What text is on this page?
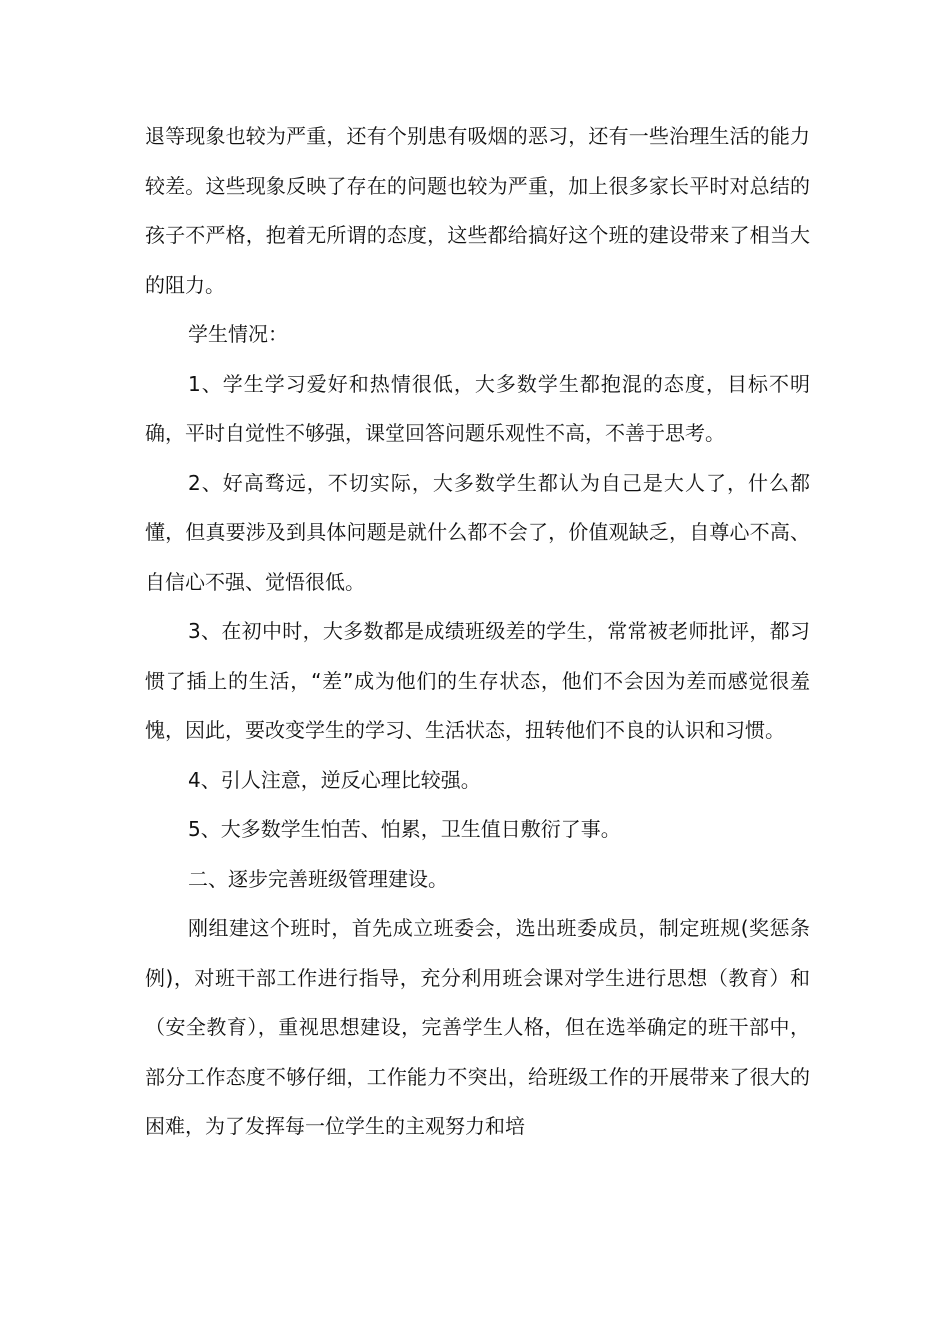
退等现象也较为严重，还有个别患有吸烟的恶习，还有一些治理生活的能力较差。这些现象反映了存在的问题也较为严重，加上很多家长平时对总结的孩子不严格，抱着无所谓的态度，这些都给搞好这个班的建设带来了相当大的阻力。

学生情况：

1、学生学习爱好和热情很低，大多数学生都抱混的态度，目标不明确，平时自觉性不够强，课堂回答问题乐观性不高，不善于思考。

2、好高骛远，不切实际，大多数学生都认为自己是大人了，什么都懂，但真要涉及到具体问题是就什么都不会了，价值观缺乏，自尊心不高、自信心不强、觉悟很低。

3、在初中时，大多数都是成绩班级差的学生，常常被老师批评，都习惯了插上的生活，“差”成为他们的生存状态，他们不会因为差而感觉很羞愧，因此，要改变学生的学习、生活状态，扭转他们不良的认识和习惯。

4、引人注意，逆反心理比较强。

5、大多数学生怕苦、怕累，卫生值日敷衍了事。

二、逐步完善班级管理建设。

刚组建这个班时，首先成立班委会，选出班委成员，制定班规(奖惩条例)，对班干部工作进行指导，充分利用班会课对学生进行思想（教育）和（安全教育），重视思想建设，完善学生人格，但在选举确定的班干部中，部分工作态度不够仔细，工作能力不突出，给班级工作的开展带来了很大的困难，为了发挥每一位学生的主观努力和培
